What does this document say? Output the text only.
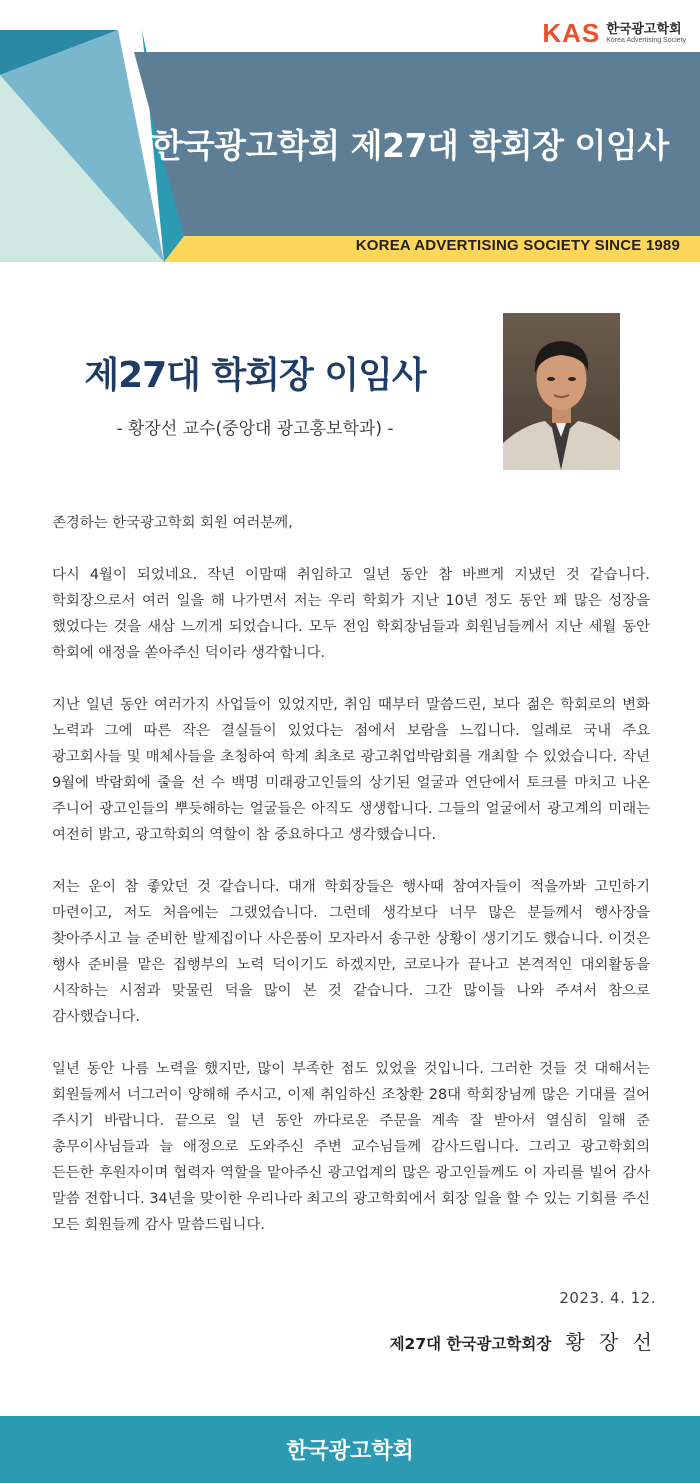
KAS 한국광고학회
Korea Advertising Society
한국광고학회 제27대 학회장 이임사
KOREA ADVERTISING SOCIETY SINCE 1989
제27대 학회장 이임사
- 황장선 교수(중앙대 광고홍보학과) -

존경하는 한국광고학회 회원 여러분께,

다시 4월이 되었네요. 작년 이맘때 취임하고 일년 동안 참 바쁘게 지냈던 것 같습니다. 학회장으로서 여러 일을 해 나가면서 저는 우리 학회가 지난 10년 정도 동안 꽤 많은 성장을 했었다는 것을 새삼 느끼게 되었습니다. 모두 전임 학회장님들과 회원님들께서 지난 세월 동안 학회에 애정을 쏟아주신 덕이라 생각합니다.

지난 일년 동안 여러가지 사업들이 있었지만, 취임 때부터 말씀드린, 보다 젊은 학회로의 변화 노력과 그에 따른 작은 결실들이 있었다는 점에서 보람을 느낍니다. 일례로 국내 주요 광고회사들 및 매체사들을 초청하여 학계 최초로 광고취업박람회를 개최할 수 있었습니다. 작년 9월에 박람회에 줄을 선 수 백명 미래광고인들의 상기된 얼굴과 연단에서 토크를 마치고 나온 주니어 광고인들의 뿌듯해하는 얼굴들은 아직도 생생합니다. 그들의 얼굴에서 광고계의 미래는 여전히 밝고, 광고학회의 역할이 참 중요하다고 생각했습니다.

저는 운이 참 좋았던 것 같습니다. 대개 학회장들은 행사때 참여자들이 적을까봐 고민하기 마련이고, 저도 처음에는 그랬었습니다. 그런데 생각보다 너무 많은 분들께서 행사장을 찾아주시고 늘 준비한 발제집이나 사은품이 모자라서 송구한 상황이 생기기도 했습니다. 이것은 행사 준비를 맡은 집행부의 노력 덕이기도 하겠지만, 코로나가 끝나고 본격적인 대외활동을 시작하는 시점과 맞물린 덕을 많이 본 것 같습니다. 그간 많이들 나와 주셔서 참으로 감사했습니다.

일년 동안 나름 노력을 했지만, 많이 부족한 점도 있었을 것입니다. 그러한 것들 것 대해서는 회원들께서 너그러이 양해해 주시고, 이제 취임하신 조창환 28대 학회장님께 많은 기대를 걸어 주시기 바랍니다. 끝으로 일 년 동안 까다로운 주문을 계속 잘 받아서 열심히 일해 준 총무이사님들과 늘 애정으로 도와주신 주변 교수님들께 감사드립니다. 그리고 광고학회의 든든한 후원자이며 협력자 역할을 맡아주신 광고업계의 많은 광고인들께도 이 자리를 빌어 감사 말씀 전합니다. 34년을 맞이한 우리나라 최고의 광고학회에서 회장 일을 할 수 있는 기회를 주신 모든 회원들께 감사 말씀드립니다.

2023. 4. 12.
제27대 한국광고학회장 황 장 선
한국광고학회
